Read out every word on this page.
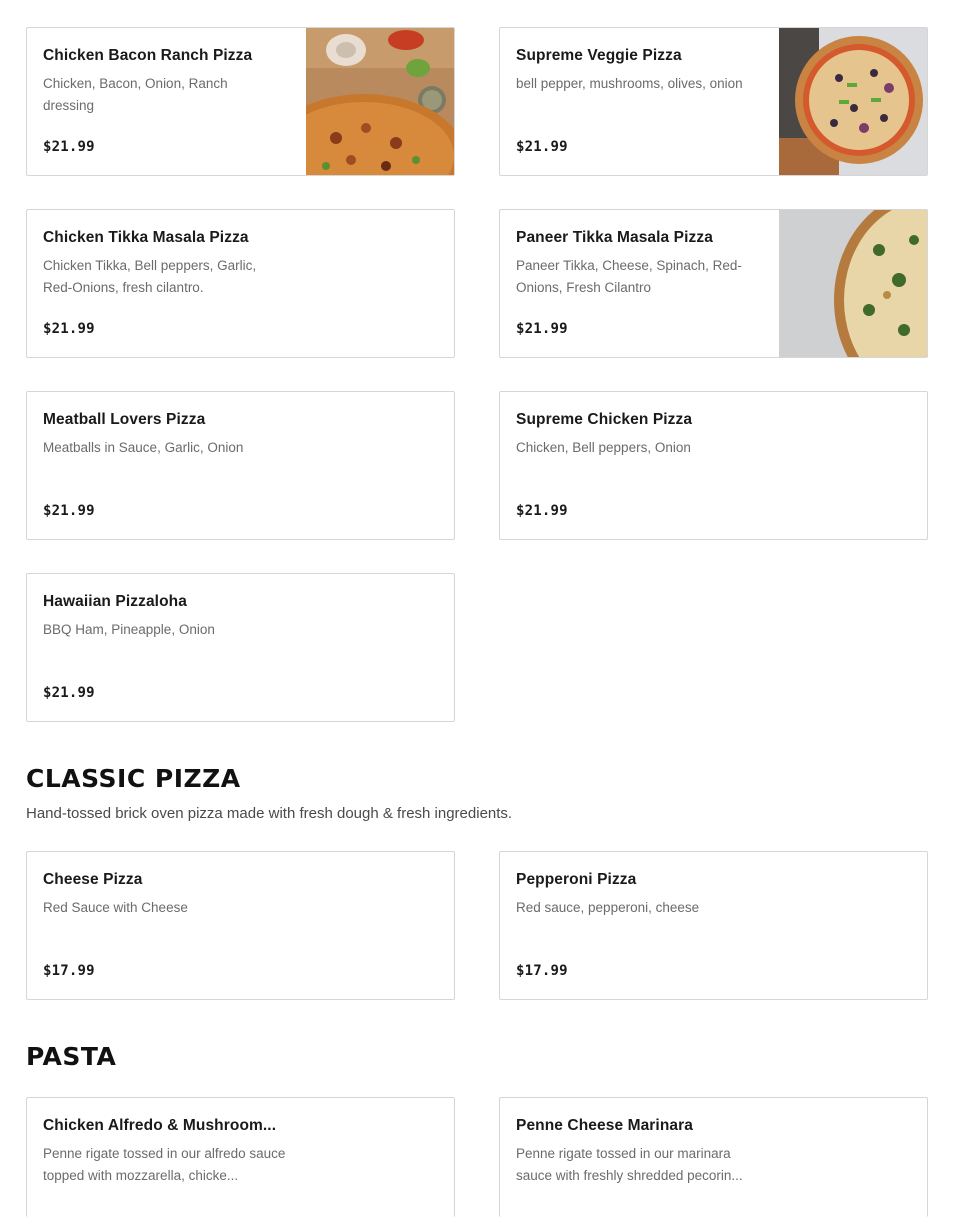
Chicken Bacon Ranch Pizza
Chicken, Bacon, Onion, Ranch dressing
$21.99
Supreme Veggie Pizza
bell pepper, mushrooms, olives, onion
$21.99
Chicken Tikka Masala Pizza
Chicken Tikka, Bell peppers, Garlic, Red-Onions, fresh cilantro.
$21.99
Paneer Tikka Masala Pizza
Paneer Tikka, Cheese, Spinach, Red-Onions, Fresh Cilantro
$21.99
Meatball Lovers Pizza
Meatballs in Sauce, Garlic, Onion
$21.99
Supreme Chicken Pizza
Chicken, Bell peppers, Onion
$21.99
Hawaiian Pizzaloha
BBQ Ham, Pineapple, Onion
$21.99
CLASSIC PIZZA
Hand-tossed brick oven pizza made with fresh dough & fresh ingredients.
Cheese Pizza
Red Sauce with Cheese
$17.99
Pepperoni Pizza
Red sauce, pepperoni, cheese
$17.99
PASTA
Chicken Alfredo & Mushroom...
Penne rigate tossed in our alfredo sauce topped with mozzarella, chicke...
Penne Cheese Marinara
Penne rigate tossed in our marinara sauce with freshly shredded pecorin...
